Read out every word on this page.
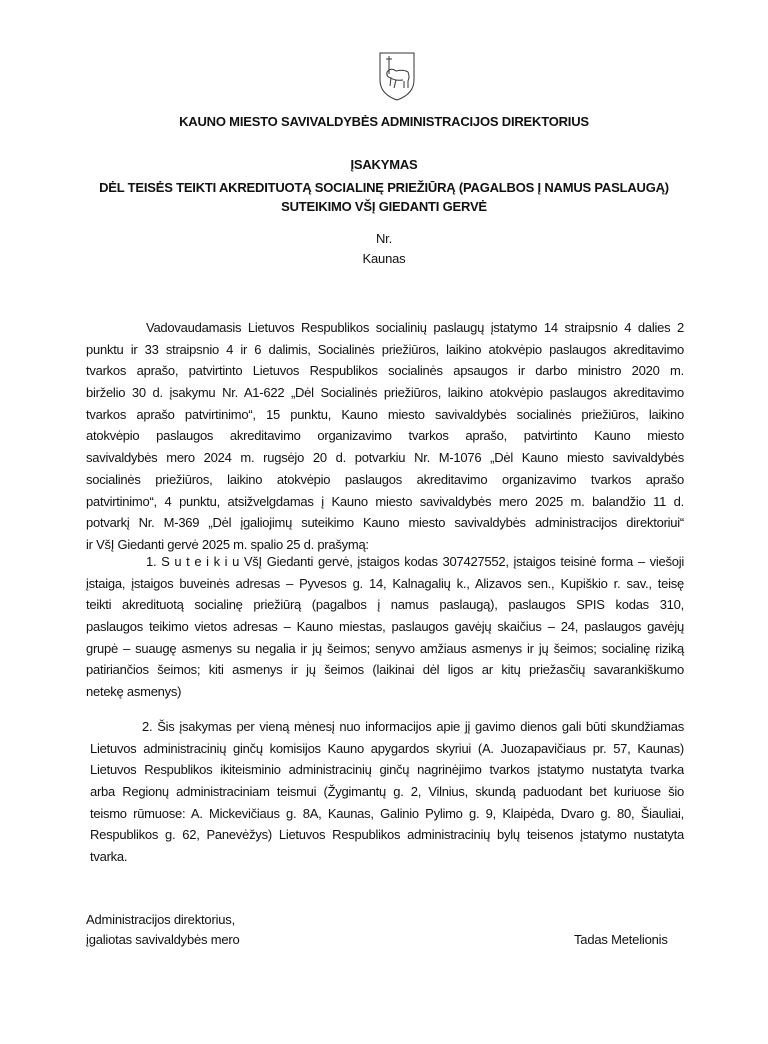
KAUNO MIESTO SAVIVALDYBĖS ADMINISTRACIJOS DIREKTORIUS
ĮSAKYMAS
DĖL TEISĖS TEIKTI AKREDITUOTĄ SOCIALINĘ PRIEŽIŪRĄ (PAGALBOS Į NAMUS PASLAUGĄ)
SUTEIKIMO VŠĮ GIEDANTI GERVĖ
Nr.
Kaunas
Vadovaudamasis Lietuvos Respublikos socialinių paslaugų įstatymo 14 straipsnio 4 dalies 2
punktu ir 33 straipsnio 4 ir 6 dalimis, Socialinės priežiūros, laikino atokvėpio paslaugos akreditavimo
tvarkos aprašo, patvirtinto Lietuvos Respublikos socialinės apsaugos ir darbo ministro 2020 m.
birželio 30 d. įsakymu Nr. A1-622 „Dėl Socialinės priežiūros, laikino atokvėpio paslaugos akreditavimo
tvarkos aprašo patvirtinimo“, 15 punktu, Kauno miesto savivaldybės socialinės priežiūros, laikino
atokvėpio paslaugos akreditavimo organizavimo tvarkos aprašo, patvirtinto Kauno miesto
savivaldybės mero 2024 m. rugsėjo 20 d. potvarkiu Nr. M-1076 „Dėl Kauno miesto savivaldybės
socialinės priežiūros, laikino atokvėpio paslaugos akreditavimo organizavimo tvarkos aprašo
patvirtinimo“, 4 punktu, atsižvelgdamas į Kauno miesto savivaldybės mero 2025 m. balandžio 11 d.
potvarkį Nr. M-369 „Dėl įgaliojimų suteikimo Kauno miesto savivaldybės administracijos direktoriui“
ir VšĮ Giedanti gervė 2025 m. spalio 25 d. prašymą:
1. S u t e i k i u VšĮ Giedanti gervė, įstaigos kodas 307427552, įstaigos teisinė forma – viešoji
įstaiga, įstaigos buveinės adresas – Pyvesos g. 14, Kalnagalių k., Alizavos sen., Kupiškio r. sav., teisę
teikti akredituotą socialinę priežiūrą (pagalbos į namus paslaugą), paslaugos SPIS kodas 310,
paslaugos teikimo vietos adresas – Kauno miestas, paslaugos gavėjų skaičius – 24, paslaugos gavėjų
grupė – suaugę asmenys su negalia ir jų šeimos; senyvo amžiaus asmenys ir jų šeimos; socialinę riziką
patiriančios šeimos; kiti asmenys ir jų šeimos (laikinai dėl ligos ar kitų priežasčių savarankiškumo
netekę asmenys)
2. Šis įsakymas per vieną mėnesį nuo informacijos apie jį gavimo dienos gali būti skundžiamas
Lietuvos administracinių ginčų komisijos Kauno apygardos skyriui (A. Juozapavičiaus pr. 57, Kaunas)
Lietuvos Respublikos ikiteisminio administracinių ginčų nagrinėjimo tvarkos įstatymo nustatyta tvarka
arba Regionų administraciniam teismui (Žygimantų g. 2, Vilnius, skundą paduodant bet kuriuose šio
teismo rūmuose: A. Mickevičiaus g. 8A, Kaunas, Galinio Pylimo g. 9, Klaipėda, Dvaro g. 80, Šiauliai,
Respublikos g. 62, Panevėžys) Lietuvos Respublikos administracinių bylų teisenos įstatymo nustatyta
tvarka.
Administracijos direktorius,
įgaliotas savivaldybės mero	Tadas Metelionis
